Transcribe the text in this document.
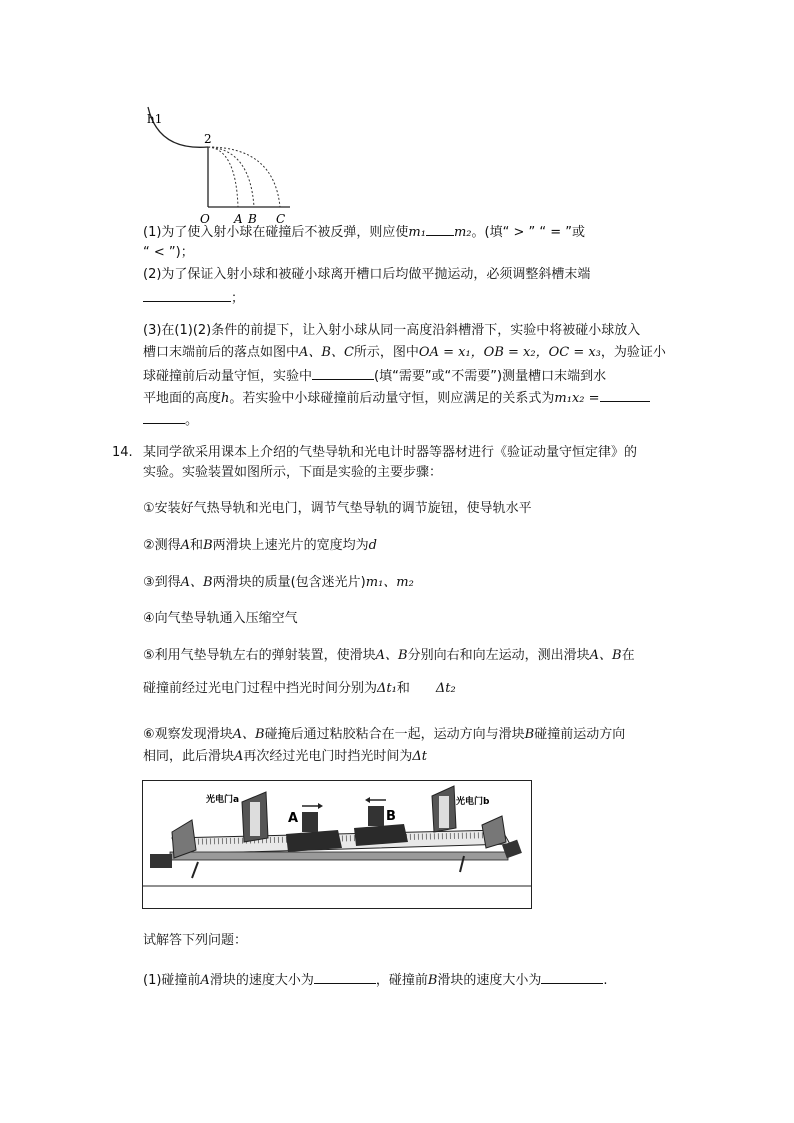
h1
2
O A B C
(1)为了使入射小球在碰撞后不被反弹，则应使m₁ m₂。(填“ > ” “ = ”或
“ < ”)；
(2)为了保证入射小球和被碰小球离开槽口后均做平抛运动，必须调整斜槽末端
；
(3)在(1)(2)条件的前提下，让入射小球从同一高度沿斜槽滑下，实验中将被碰小球放入
槽口末端前后的落点如图中A、B、C所示，图中OA = x₁，OB = x₂，OC = x₃，为验证小
球碰撞前后动量守恒，实验中	(填“需要”或“不需要”)测量槽口末端到水
平地面的高度h。若实验中小球碰撞前后动量守恒，则应满足的关系式为m₁x₂ =
。
14. 某同学欲采用课本上介绍的气垫导轨和光电计时器等器材进行《验证动量守恒定律》的
实验。实验装置如图所示，下面是实验的主要步骤：
①安装好气热导轨和光电门，调节气垫导轨的调节旋钮，使导轨水平
②测得A和B两滑块上速光片的宽度均为d
③到得A、B两滑块的质量(包含迷光片)m₁、m₂
④向气垫导轨通入压缩空气
⑤利用气垫导轨左右的弹射装置，使滑块A、B分别向右和向左运动，测出滑块A、B在
碰撞前经过光电门过程中挡光时间分别为Δt₁和 Δt₂
⑥观察发现滑块A、B碰掩后通过粘胶粘合在一起，运动方向与滑块B碰撞前运动方向
相同，此后滑块A再次经过光电门时挡光时间为Δt
光电门a	光电门b
A	B
试解答下列问题：
(1)碰撞前A滑块的速度大小为	，碰撞前B滑块的速度大小为	.
